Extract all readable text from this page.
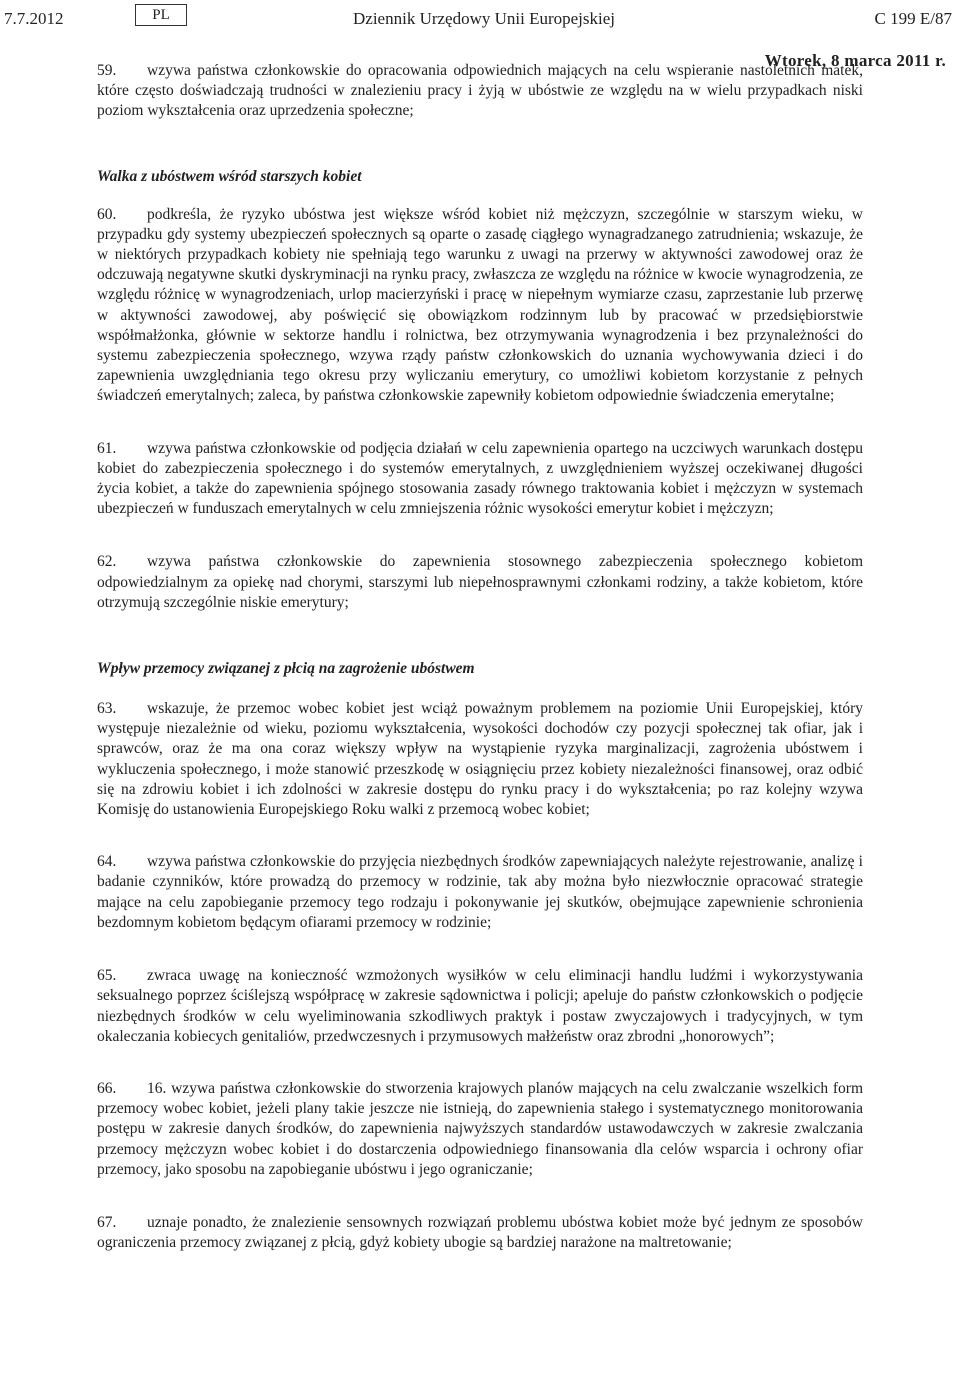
7.7.2012	PL	Dziennik Urzędowy Unii Europejskiej	C 199 E/87
Wtorek, 8 marca 2011 r.

59. wzywa państwa członkowskie do opracowania odpowiednich mających na celu wspieranie nastoletnich matek, które często doświadczają trudności w znalezieniu pracy i żyją w ubóstwie ze względu na w wielu przypadkach niski poziom wykształcenia oraz uprzedzenia społeczne;

Walka z ubóstwem wśród starszych kobiet

60. podkreśla, że ryzyko ubóstwa jest większe wśród kobiet niż mężczyzn, szczególnie w starszym wieku, w przypadku gdy systemy ubezpieczeń społecznych są oparte o zasadę ciągłego wynagradzanego zatrudnienia; wskazuje, że w niektórych przypadkach kobiety nie spełniają tego warunku z uwagi na przerwy w aktywności zawodowej oraz że odczuwają negatywne skutki dyskryminacji na rynku pracy, zwłaszcza ze względu na różnice w kwocie wynagrodzenia, ze względu różnicę w wynagrodzeniach, urlop macierzyński i pracę w niepełnym wymiarze czasu, zaprzestanie lub przerwę w aktywności zawodowej, aby poświęcić się obowiązkom rodzinnym lub by pracować w przedsiębiorstwie współmałżonka, głównie w sektorze handlu i rolnictwa, bez otrzymywania wynagrodzenia i bez przynależności do systemu zabezpieczenia społecznego, wzywa rządy państw członkowskich do uznania wychowywania dzieci i do zapewnienia uwzględniania tego okresu przy wyliczaniu emerytury, co umożliwi kobietom korzystanie z pełnych świadczeń emerytalnych; zaleca, by państwa członkowskie zapewniły kobietom odpowiednie świadczenia emerytalne;

61. wzywa państwa członkowskie od podjęcia działań w celu zapewnienia opartego na uczciwych warunkach dostępu kobiet do zabezpieczenia społecznego i do systemów emerytalnych, z uwzględnieniem wyższej oczekiwanej długości życia kobiet, a także do zapewnienia spójnego stosowania zasady równego traktowania kobiet i mężczyzn w systemach ubezpieczeń w funduszach emerytalnych w celu zmniejszenia różnic wysokości emerytur kobiet i mężczyzn;

62. wzywa państwa członkowskie do zapewnienia stosownego zabezpieczenia społecznego kobietom odpowiedzialnym za opiekę nad chorymi, starszymi lub niepełnosprawnymi członkami rodziny, a także kobietom, które otrzymują szczególnie niskie emerytury;

Wpływ przemocy związanej z płcią na zagrożenie ubóstwem

63. wskazuje, że przemoc wobec kobiet jest wciąż poważnym problemem na poziomie Unii Europejskiej, który występuje niezależnie od wieku, poziomu wykształcenia, wysokości dochodów czy pozycji społecznej tak ofiar, jak i sprawców, oraz że ma ona coraz większy wpływ na wystąpienie ryzyka marginalizacji, zagrożenia ubóstwem i wykluczenia społecznego, i może stanowić przeszkodę w osiągnięciu przez kobiety niezależności finansowej, oraz odbić się na zdrowiu kobiet i ich zdolności w zakresie dostępu do rynku pracy i do wykształcenia; po raz kolejny wzywa Komisję do ustanowienia Europejskiego Roku walki z przemocą wobec kobiet;

64. wzywa państwa członkowskie do przyjęcia niezbędnych środków zapewniających należyte rejestrowanie, analizę i badanie czynników, które prowadzą do przemocy w rodzinie, tak aby można było niezwłocznie opracować strategie mające na celu zapobieganie przemocy tego rodzaju i pokonywanie jej skutków, obejmujące zapewnienie schronienia bezdomnym kobietom będącym ofiarami przemocy w rodzinie;

65. zwraca uwagę na konieczność wzmożonych wysiłków w celu eliminacji handlu ludźmi i wykorzystywania seksualnego poprzez ściślejszą współpracę w zakresie sądownictwa i policji; apeluje do państw członkowskich o podjęcie niezbędnych środków w celu wyeliminowania szkodliwych praktyk i postaw zwyczajowych i tradycyjnych, w tym okaleczania kobiecych genitaliów, przedwczesnych i przymusowych małżeństw oraz zbrodni „honorowych”;

66. 16. wzywa państwa członkowskie do stworzenia krajowych planów mających na celu zwalczanie wszelkich form przemocy wobec kobiet, jeżeli plany takie jeszcze nie istnieją, do zapewnienia stałego i systematycznego monitorowania postępu w zakresie danych środków, do zapewnienia najwyższych standardów ustawodawczych w zakresie zwalczania przemocy mężczyzn wobec kobiet i do dostarczenia odpowiedniego finansowania dla celów wsparcia i ochrony ofiar przemocy, jako sposobu na zapobieganie ubóstwu i jego ograniczanie;

67. uznaje ponadto, że znalezienie sensownych rozwiązań problemu ubóstwa kobiet może być jednym ze sposobów ograniczenia przemocy związanej z płcią, gdyż kobiety ubogie są bardziej narażone na maltretowanie;
